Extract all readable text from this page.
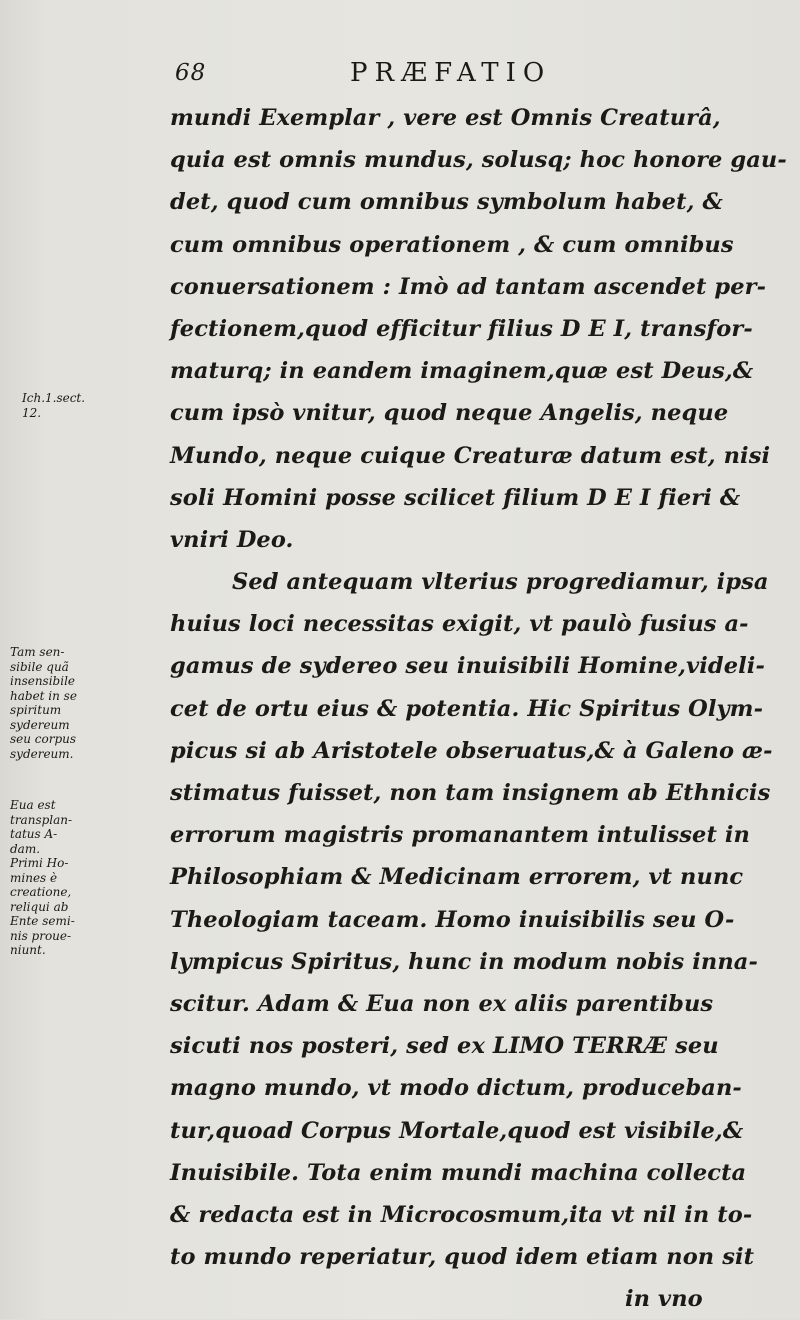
68	PRÆFATIO
mundi Exemplar , vere est Omnis Creaturâ,
quia est omnis mundus, solusq; hoc honore gau-
det, quod cum omnibus symbolum habet, &
cum omnibus operationem , & cum omnibus
conuersationem : Imò ad tantam ascendet per-
fectionem,quod efficitur filius D E I, transfor-
maturq; in eandem imaginem,quæ est Deus,&
cum ipsò vnitur, quod neque Angelis, neque
Mundo, neque cuique Creaturæ datum est, nisi
soli Homini posse scilicet filium D E I fieri &
vniri Deo.
Sed antequam vlterius progrediamur, ipsa
huius loci necessitas exigit, vt paulò fusius a-
gamus de sydereo seu inuisibili Homine,videli-
cet de ortu eius & potentia. Hic Spiritus Olym-
picus si ab Aristotele obseruatus,& à Galeno æ-
stimatus fuisset, non tam insignem ab Ethnicis
errorum magistris promanantem intulisset in
Philosophiam & Medicinam errorem, vt nunc
Theologiam taceam. Homo inuisibilis seu O-
lympicus Spiritus, hunc in modum nobis inna-
scitur. Adam & Eua non ex aliis parentibus
sicuti nos posteri, sed ex LIMO TERRÆ seu
magno mundo, vt modo dictum, produceban-
tur,quoad Corpus Mortale,quod est visibile,&
Inuisibile. Tota enim mundi machina collecta
& redacta est in Microcosmum,ita vt nil in to-
to mundo reperiatur, quod idem etiam non sit
in vno
Ich.1.sect.
12.
Tam sen-
sibile quã
insensibile
habet in se
spiritum
sydereum
seu corpus
sydereum.
Eua est
transplan-
tatus A-
dam.
Primi Ho-
mines è
creatione,
reliqui ab
Ente semi-
nis proue-
niunt.
